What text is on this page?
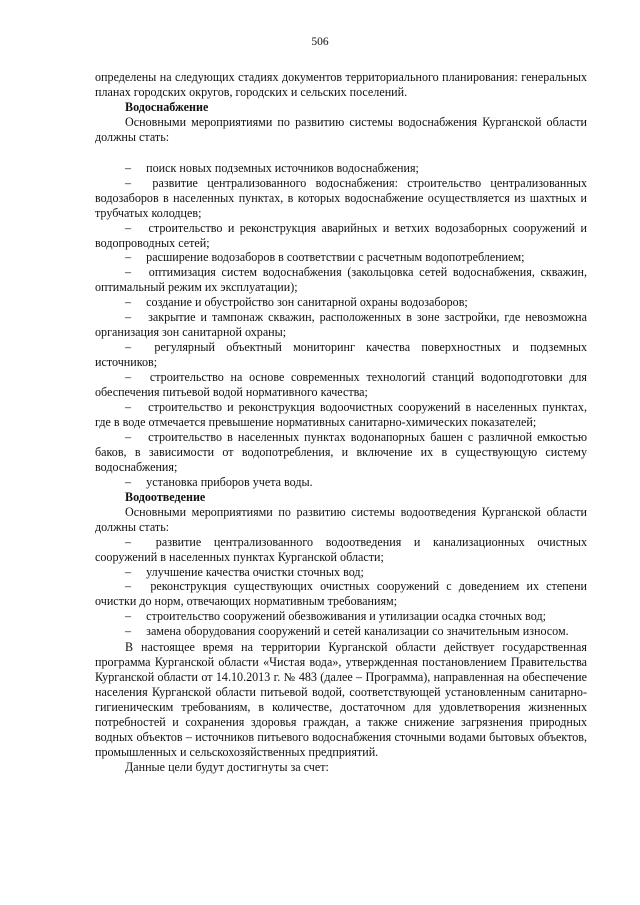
506

определены на следующих стадиях документов территориального планирования: генеральных планах городских округов, городских и сельских поселений.

Водоснабжение

Основными мероприятиями по развитию системы водоснабжения Курганской области должны стать:

–  поиск новых подземных источников водоснабжения;

–  развитие централизованного водоснабжения: строительство централизованных водозаборов в населенных пунктах, в которых водоснабжение осуществляется из шахтных и трубчатых колодцев;

–  строительство и реконструкция аварийных и ветхих водозаборных сооружений и водопроводных сетей;

–  расширение водозаборов в соответствии с расчетным водопотреблением;

–  оптимизация систем водоснабжения (закольцовка сетей водоснабжения, скважин, оптимальный режим их эксплуатации);

–  создание и обустройство зон санитарной охраны водозаборов;

–  закрытие и тампонаж скважин, расположенных в зоне застройки, где невозможна организация зон санитарной охраны;

–  регулярный объектный мониторинг качества поверхностных и подземных источников;

–  строительство на основе современных технологий станций водоподготовки для обеспечения питьевой водой нормативного качества;

–  строительство и реконструкция водоочистных сооружений в населенных пунктах, где в воде отмечается превышение нормативных санитарно-химических показателей;

–  строительство в населенных пунктах водонапорных башен с различной емкостью баков, в зависимости от водопотребления, и включение их в существующую систему водоснабжения;

–  установка приборов учета воды.

Водоотведение

Основными мероприятиями по развитию системы водоотведения Курганской области должны стать:

–  развитие централизованного водоотведения и канализационных очистных сооружений в населенных пунктах Курганской области;

–  улучшение качества очистки сточных вод;

–  реконструкция существующих очистных сооружений с доведением их степени очистки до норм, отвечающих нормативным требованиям;

–  строительство сооружений обезвоживания и утилизации осадка сточных вод;

–  замена оборудования сооружений и сетей канализации со значительным износом.

В настоящее время на территории Курганской области действует государственная программа Курганской области «Чистая вода», утвержденная постановлением Правительства Курганской области от 14.10.2013 г. № 483 (далее – Программа), направленная на обеспечение населения Курганской области питьевой водой, соответствующей установленным санитарно-гигиеническим требованиям, в количестве, достаточном для удовлетворения жизненных потребностей и сохранения здоровья граждан, а также снижение загрязнения природных водных объектов – источников питьевого водоснабжения сточными водами бытовых объектов, промышленных и сельскохозяйственных предприятий.

Данные цели будут достигнуты за счет:
